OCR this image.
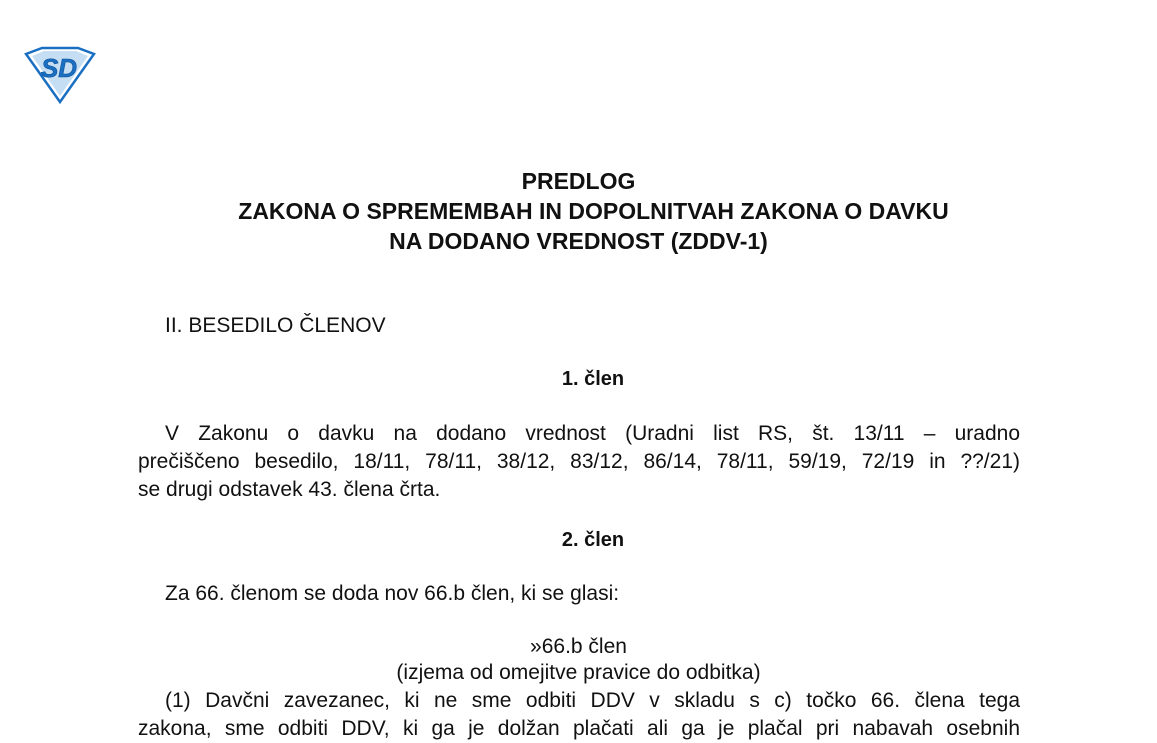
SD
PREDLOG
ZAKONA O SPREMEMBAH IN DOPOLNITVAH ZAKONA O DAVKU
NA DODANO VREDNOST (ZDDV-1)
II. BESEDILO ČLENOV
1. člen
V Zakonu o davku na dodano vrednost (Uradni list RS, št. 13/11 – uradno
prečiščeno besedilo, 18/11, 78/11, 38/12, 83/12, 86/14, 78/11, 59/19, 72/19 in ??/21)
se drugi odstavek 43. člena črta.
2. člen
Za 66. členom se doda nov 66.b člen, ki se glasi:
»66.b člen
(izjema od omejitve pravice do odbitka)
(1) Davčni zavezanec, ki ne sme odbiti DDV v skladu s c) točko 66. člena tega
zakona, sme odbiti DDV, ki ga je dolžan plačati ali ga je plačal pri nabavah osebnih
